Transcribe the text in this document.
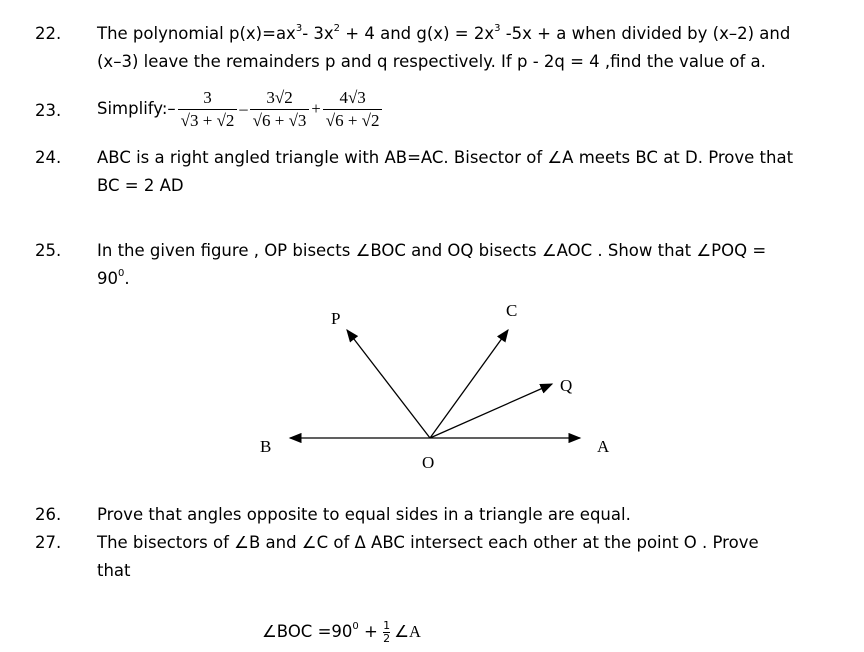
22. The polynomial $p(x)=ax^3-$ $3x^2 + 4$ and $g(x) = 2x^3$ -5x + a when divided by (x–2) and
(x–3) leave the remainders p and q respectively. If p - 2q = 4 ,find the value of a.
23. Simplify:– $\frac{3}{√3 + √2} - \frac{3√2}{√6 + √3} + \frac{4√3}{√6 + √2}$
24. ABC is a right angled triangle with AB=AC. Bisector of ∠A meets BC at D. Prove that
BC = 2 AD
25. In the given figure , OP bisects ∠BOC and OQ bisects ∠AOC . Show that ∠POQ =
$90^0$.
P	C
Q
B	A
O
26. Prove that angles opposite to equal sides in a triangle are equal.
27. The bisectors of ∠B and ∠C of Δ ABC intersect each other at the point O . Prove
that
∠BOC $=90^0 + \frac{1}{2}$ ∠A
